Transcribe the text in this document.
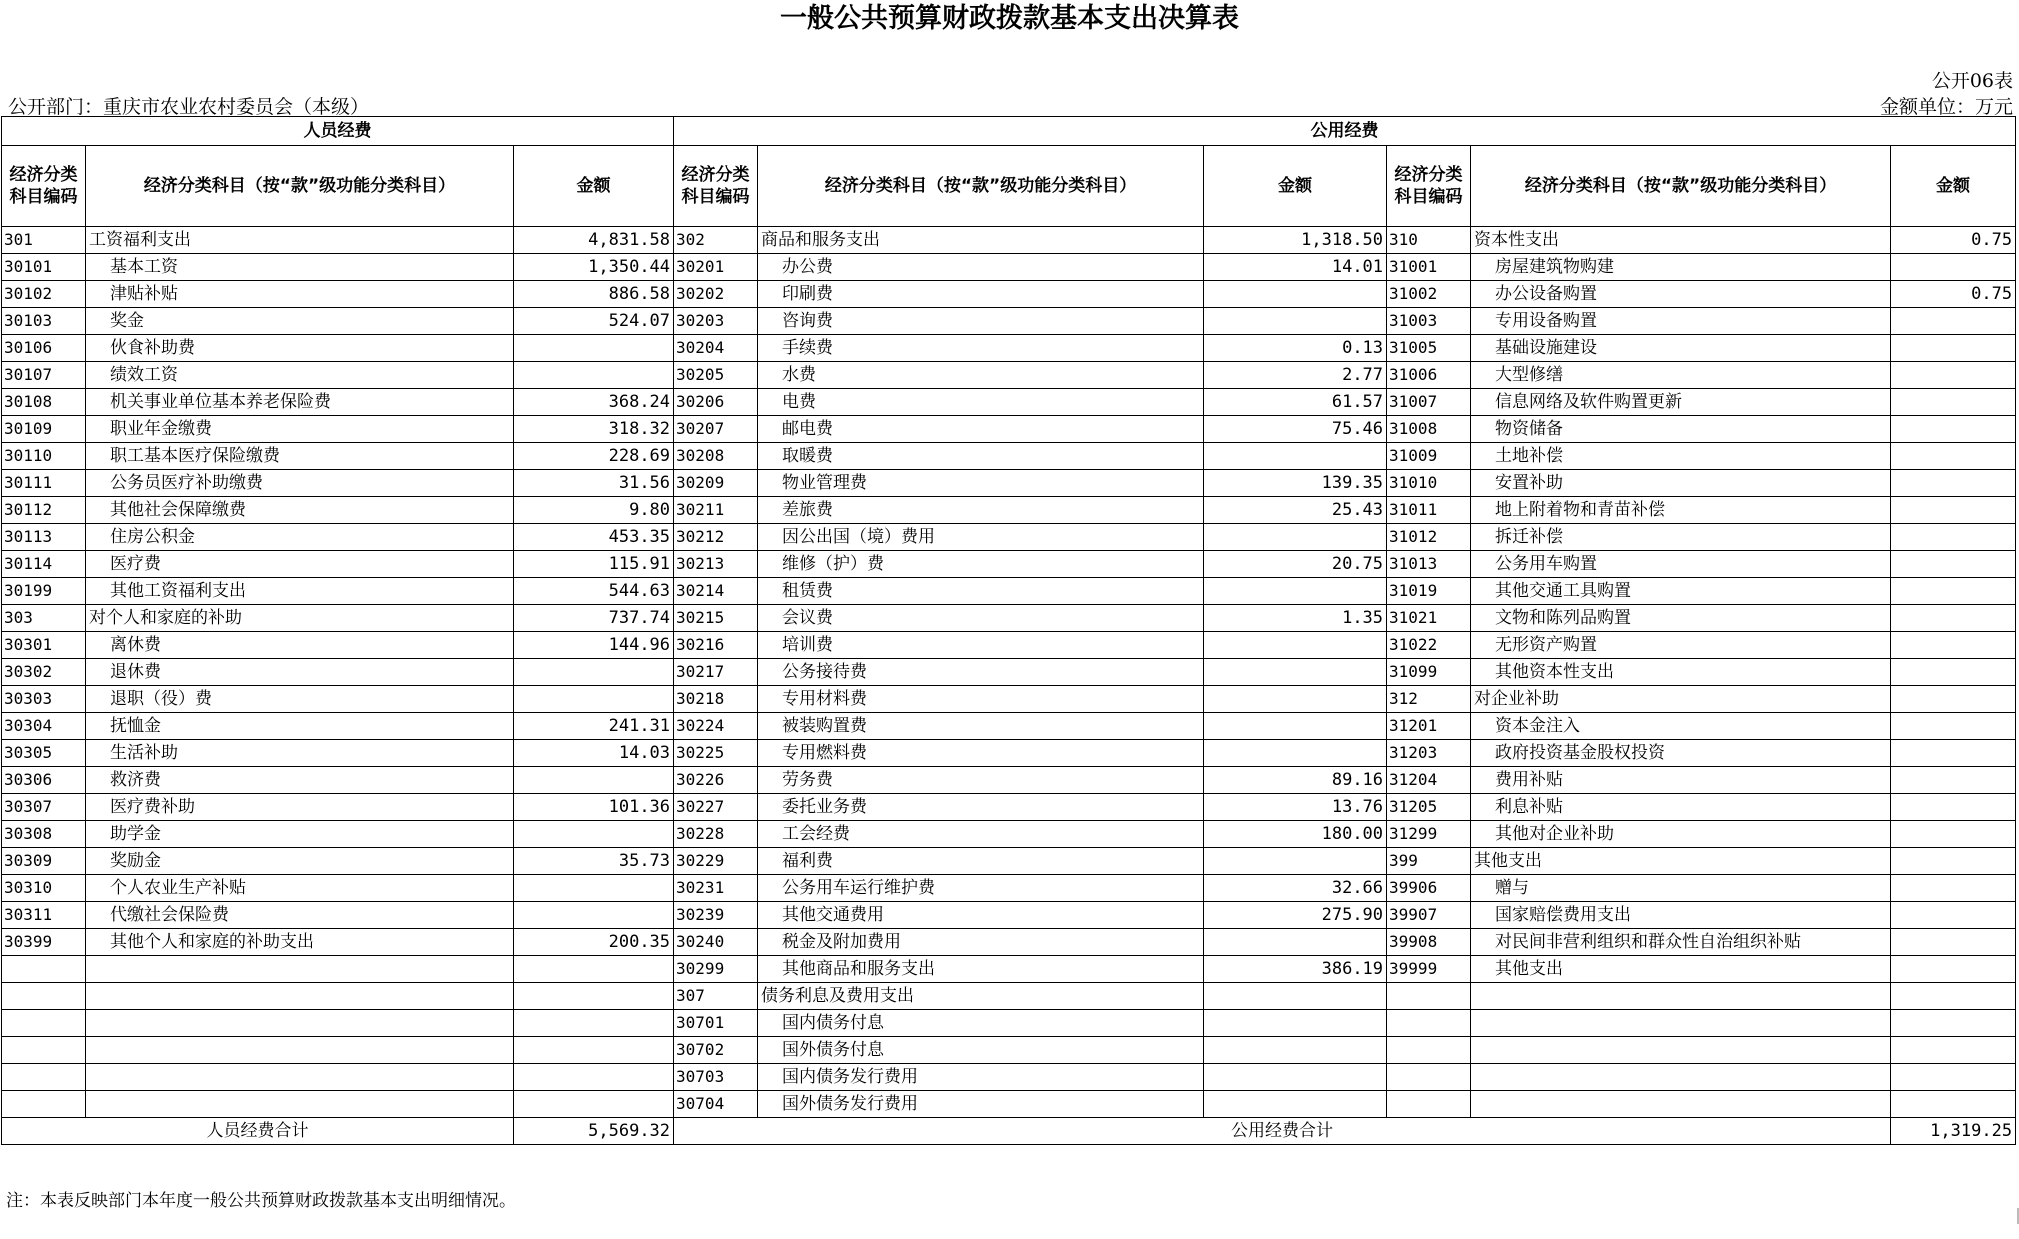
一般公共预算财政拨款基本支出决算表
公开06表
公开部门：重庆市农业农村委员会（本级）	金额单位：万元
人员经费			公用经费					
经济分类科目编码	经济分类科目（按“款”级功能分类科目）	金额	经济分类科目编码	经济分类科目（按“款”级功能分类科目）	金额	经济分类科目编码	经济分类科目（按“款”级功能分类科目）	金额
301	工资福利支出	4,831.58	302	商品和服务支出	1,318.50	310	资本性支出	0.75
30101	基本工资	1,350.44	30201	办公费	14.01	31001	房屋建筑物购建	
30102	津贴补贴	886.58	30202	印刷费		31002	办公设备购置	0.75
30103	奖金	524.07	30203	咨询费		31003	专用设备购置	
30106	伙食补助费		30204	手续费	0.13	31005	基础设施建设	
30107	绩效工资		30205	水费	2.77	31006	大型修缮	
30108	机关事业单位基本养老保险费	368.24	30206	电费	61.57	31007	信息网络及软件购置更新	
30109	职业年金缴费	318.32	30207	邮电费	75.46	31008	物资储备	
30110	职工基本医疗保险缴费	228.69	30208	取暖费		31009	土地补偿	
30111	公务员医疗补助缴费	31.56	30209	物业管理费	139.35	31010	安置补助	
30112	其他社会保障缴费	9.80	30211	差旅费	25.43	31011	地上附着物和青苗补偿	
30113	住房公积金	453.35	30212	因公出国（境）费用		31012	拆迁补偿	
30114	医疗费	115.91	30213	维修（护）费	20.75	31013	公务用车购置	
30199	其他工资福利支出	544.63	30214	租赁费		31019	其他交通工具购置	
303	对个人和家庭的补助	737.74	30215	会议费	1.35	31021	文物和陈列品购置	
30301	离休费	144.96	30216	培训费		31022	无形资产购置	
30302	退休费		30217	公务接待费		31099	其他资本性支出	
30303	退职（役）费		30218	专用材料费		312	对企业补助	
30304	抚恤金	241.31	30224	被装购置费		31201	资本金注入	
30305	生活补助	14.03	30225	专用燃料费		31203	政府投资基金股权投资	
30306	救济费		30226	劳务费	89.16	31204	费用补贴	
30307	医疗费补助	101.36	30227	委托业务费	13.76	31205	利息补贴	
30308	助学金		30228	工会经费	180.00	31299	其他对企业补助	
30309	奖励金	35.73	30229	福利费		399	其他支出	
30310	个人农业生产补贴		30231	公务用车运行维护费	32.66	39906	赠与	
30311	代缴社会保险费		30239	其他交通费用	275.90	39907	国家赔偿费用支出	
30399	其他个人和家庭的补助支出	200.35	30240	税金及附加费用		39908	对民间非营利组织和群众性自治组织补贴	
			30299	其他商品和服务支出	386.19	39999	其他支出	
			307	债务利息及费用支出				
			30701	国内债务付息				
			30702	国外债务付息				
			30703	国内债务发行费用				
			30704	国外债务发行费用				
人员经费合计		5,569.32	公用经费合计					1,319.25
注：本表反映部门本年度一般公共预算财政拨款基本支出明细情况。
